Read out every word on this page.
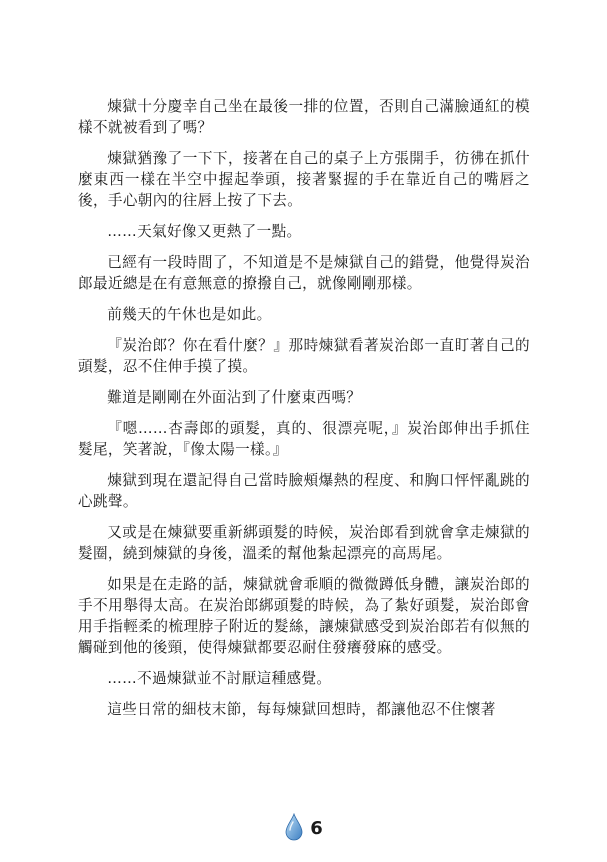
煉獄十分慶幸自己坐在最後一排的位置，否則自己滿臉通紅的模樣不就被看到了嗎？

煉獄猶豫了一下下，接著在自己的桌子上方張開手，彷彿在抓什麼東西一樣在半空中握起拳頭，接著緊握的手在靠近自己的嘴唇之後，手心朝內的往唇上按了下去。

……天氣好像又更熱了一點。

已經有一段時間了，不知道是不是煉獄自己的錯覺，他覺得炭治郎最近總是在有意無意的撩撥自己，就像剛剛那樣。

前幾天的午休也是如此。

『炭治郎？你在看什麼？』那時煉獄看著炭治郎一直盯著自己的頭髮，忍不住伸手摸了摸。

難道是剛剛在外面沾到了什麼東西嗎？

『嗯……杏壽郎的頭髮，真的、很漂亮呢，』炭治郎伸出手抓住髮尾，笑著說，『像太陽一樣。』

煉獄到現在還記得自己當時臉頰爆熱的程度、和胸口怦怦亂跳的心跳聲。

又或是在煉獄要重新綁頭髮的時候，炭治郎看到就會拿走煉獄的髮圈，繞到煉獄的身後，溫柔的幫他紮起漂亮的高馬尾。

如果是在走路的話，煉獄就會乖順的微微蹲低身體，讓炭治郎的手不用舉得太高。在炭治郎綁頭髮的時候，為了紮好頭髮，炭治郎會用手指輕柔的梳理脖子附近的髮絲，讓煉獄感受到炭治郎若有似無的觸碰到他的後頸，使得煉獄都要忍耐住發癢發麻的感受。

……不過煉獄並不討厭這種感覺。

這些日常的細枝末節，每每煉獄回想時，都讓他忍不住懷著

6
